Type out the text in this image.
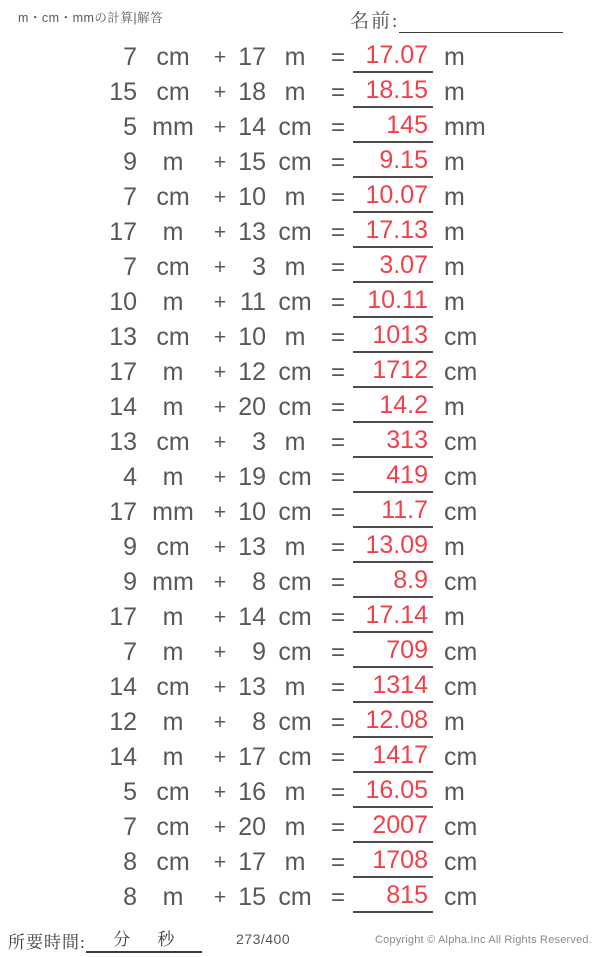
m・cm・mmの計算|解答	名前:
7 cm	+ 17 m	= 17.07 m
15 cm	+ 18 m	= 18.15 m
5 mm + 14 cm =	145 mm
9	m	+ 15 cm =	9.15 m
7 cm	+ 10 m	= 10.07 m
17	m	+ 13 cm = 17.13 m
7 cm	+	3 m	=	3.07 m
10	m	+ 11 cm = 10.11 m
13 cm	+ 10 m	=	1013 cm
17	m	+ 12 cm =	1712 cm
14	m	+ 20 cm =	14.2 m
13 cm	+	3 m	=	313 cm
4	m	+ 19 cm =	419 cm
17 mm + 10 cm =	11.7 cm
9 cm	+ 13 m	= 13.09 m
9 mm +	8 cm =	8.9 cm
17	m	+ 14 cm = 17.14 m
7	m	+	9 cm =	709 cm
14 cm	+ 13 m	=	1314 cm
12	m	+	8 cm = 12.08 m
14	m	+ 17 cm =	1417 cm
5 cm	+ 16 m	= 16.05 m
7 cm	+ 20 m	=	2007 cm
8 cm	+ 17 m	=	1708 cm
8	m	+ 15 cm =	815 cm
所要時間: 分 秒	273/400	Copyright © Alpha.Inc All Rights Reserved.
